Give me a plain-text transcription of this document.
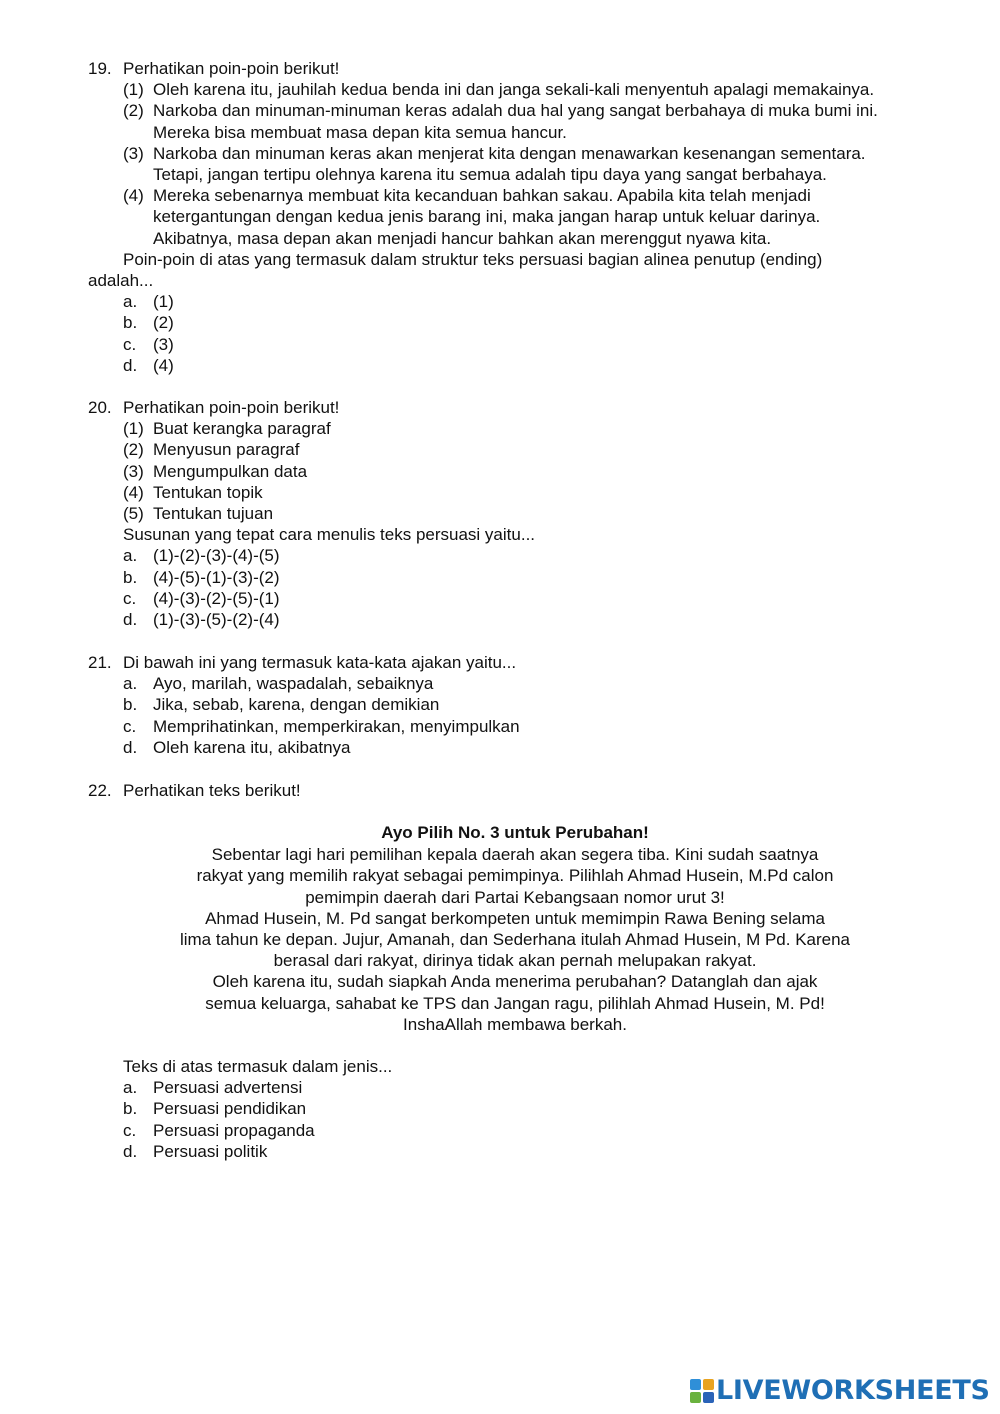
19. Perhatikan poin-poin berikut!
(1) Oleh karena itu, jauhilah kedua benda ini dan janga sekali-kali menyentuh apalagi memakainya.
(2) Narkoba dan minuman-minuman keras adalah dua hal yang sangat berbahaya di muka bumi ini.
Mereka bisa membuat masa depan kita semua hancur.
(3) Narkoba dan minuman keras akan menjerat kita dengan menawarkan kesenangan sementara.
Tetapi, jangan tertipu olehnya karena itu semua adalah tipu daya yang sangat berbahaya.
(4) Mereka sebenarnya membuat kita kecanduan bahkan sakau. Apabila kita telah menjadi
ketergantungan dengan kedua jenis barang ini, maka jangan harap untuk keluar darinya.
Akibatnya, masa depan akan menjadi hancur bahkan akan merenggut nyawa kita.
Poin-poin di atas yang termasuk dalam struktur teks persuasi bagian alinea penutup (ending) adalah...
a. (1)
b. (2)
c. (3)
d. (4)
20. Perhatikan poin-poin berikut!
(1) Buat kerangka paragraf
(2) Menyusun paragraf
(3) Mengumpulkan data
(4) Tentukan topik
(5) Tentukan tujuan
Susunan yang tepat cara menulis teks persuasi yaitu...
a. (1)-(2)-(3)-(4)-(5)
b. (4)-(5)-(1)-(3)-(2)
c. (4)-(3)-(2)-(5)-(1)
d. (1)-(3)-(5)-(2)-(4)
21. Di bawah ini yang termasuk kata-kata ajakan yaitu...
a. Ayo, marilah, waspadalah, sebaiknya
b. Jika, sebab, karena, dengan demikian
c. Memprihatinkan, memperkirakan, menyimpulkan
d. Oleh karena itu, akibatnya
22. Perhatikan teks berikut!
Ayo Pilih No. 3 untuk Perubahan!
Sebentar lagi hari pemilihan kepala daerah akan segera tiba. Kini sudah saatnya
rakyat yang memilih rakyat sebagai pemimpinya. Pilihlah Ahmad Husein, M.Pd calon
pemimpin daerah dari Partai Kebangsaan nomor urut 3!
Ahmad Husein, M. Pd sangat berkompeten untuk memimpin Rawa Bening selama
lima tahun ke depan. Jujur, Amanah, dan Sederhana itulah Ahmad Husein, M Pd. Karena
berasal dari rakyat, dirinya tidak akan pernah melupakan rakyat.
Oleh karena itu, sudah siapkah Anda menerima perubahan? Datanglah dan ajak
semua keluarga, sahabat ke TPS dan Jangan ragu, pilihlah Ahmad Husein, M. Pd!
InshaAllah membawa berkah.
Teks di atas termasuk dalam jenis...
a. Persuasi advertensi
b. Persuasi pendidikan
c. Persuasi propaganda
d. Persuasi politik
LIVEWORKSHEETS
